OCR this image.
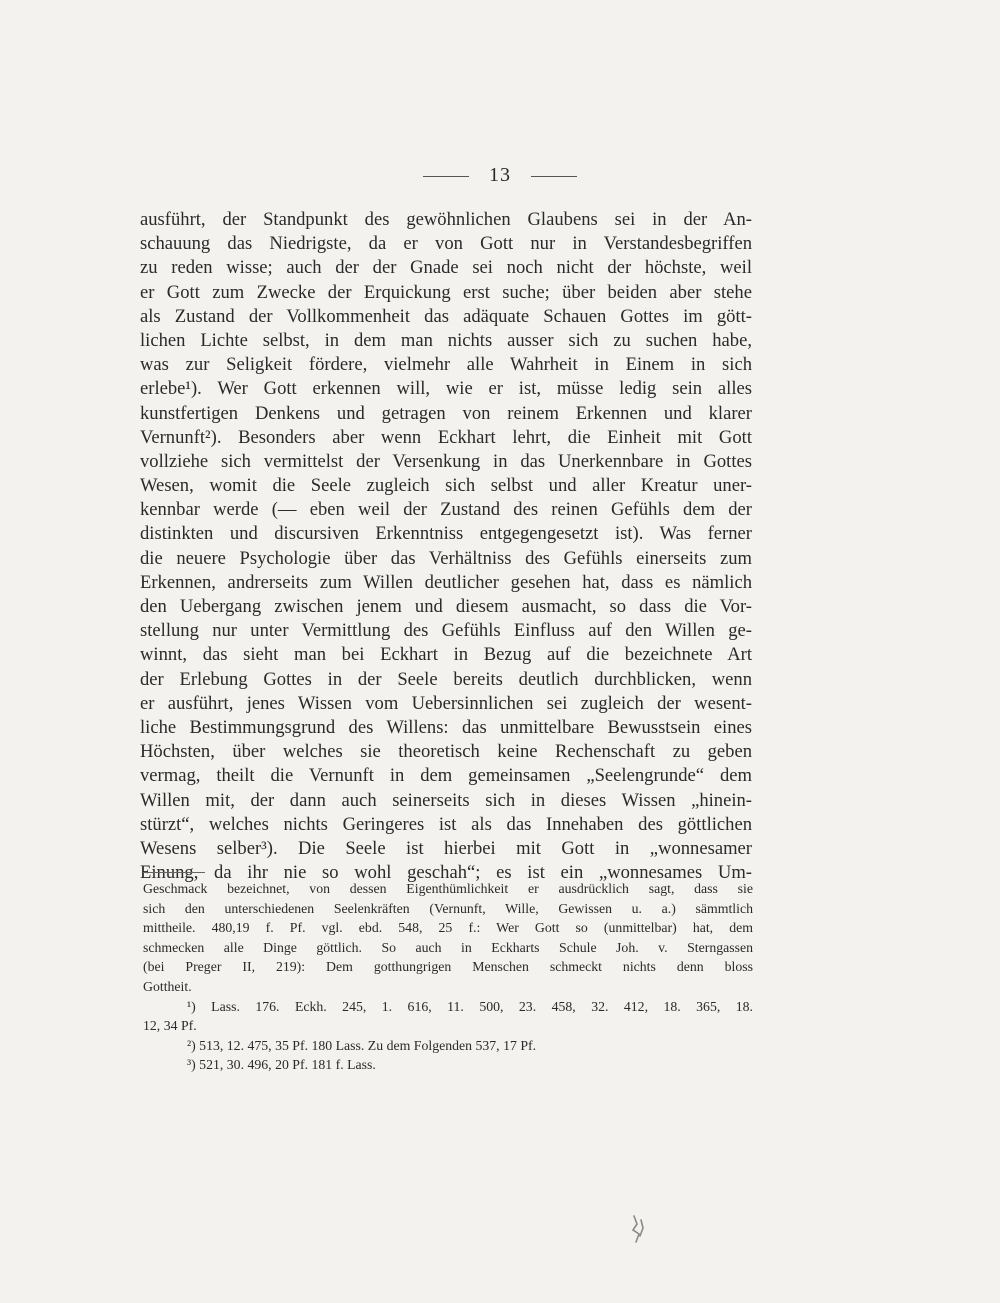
13
ausführt, der Standpunkt des gewöhnlichen Glaubens sei in der An-
schauung das Niedrigste, da er von Gott nur in Verstandesbegriffen
zu reden wisse; auch der der Gnade sei noch nicht der höchste, weil
er Gott zum Zwecke der Erquickung erst suche; über beiden aber stehe
als Zustand der Vollkommenheit das adäquate Schauen Gottes im gött-
lichen Lichte selbst, in dem man nichts ausser sich zu suchen habe,
was zur Seligkeit fördere, vielmehr alle Wahrheit in Einem in sich
erlebe¹). Wer Gott erkennen will, wie er ist, müsse ledig sein alles
kunstfertigen Denkens und getragen von reinem Erkennen und klarer
Vernunft²). Besonders aber wenn Eckhart lehrt, die Einheit mit Gott
vollziehe sich vermittelst der Versenkung in das Unerkennbare in Gottes
Wesen, womit die Seele zugleich sich selbst und aller Kreatur uner-
kennbar werde (— eben weil der Zustand des reinen Gefühls dem der
distinkten und discursiven Erkenntniss entgegengesetzt ist). Was ferner
die neuere Psychologie über das Verhältniss des Gefühls einerseits zum
Erkennen, andrerseits zum Willen deutlicher gesehen hat, dass es nämlich
den Uebergang zwischen jenem und diesem ausmacht, so dass die Vor-
stellung nur unter Vermittlung des Gefühls Einfluss auf den Willen ge-
winnt, das sieht man bei Eckhart in Bezug auf die bezeichnete Art
der Erlebung Gottes in der Seele bereits deutlich durchblicken, wenn
er ausführt, jenes Wissen vom Uebersinnlichen sei zugleich der wesent-
liche Bestimmungsgrund des Willens: das unmittelbare Bewusstsein eines
Höchsten, über welches sie theoretisch keine Rechenschaft zu geben
vermag, theilt die Vernunft in dem gemeinsamen „Seelengrunde“ dem
Willen mit, der dann auch seinerseits sich in dieses Wissen „hinein-
stürzt“, welches nichts Geringeres ist als das Innehaben des göttlichen
Wesens selber³). Die Seele ist hierbei mit Gott in „wonnesamer
Einung, da ihr nie so wohl geschah“; es ist ein „wonnesames Um-
Geschmack bezeichnet, von dessen Eigenthümlichkeit er ausdrücklich sagt, dass sie
sich den unterschiedenen Seelenkräften (Vernunft, Wille, Gewissen u. a.) sämmtlich
mittheile. 480,19 f. Pf. vgl. ebd. 548, 25 f.: Wer Gott so (unmittelbar) hat, dem
schmecken alle Dinge göttlich. So auch in Eckharts Schule Joh. v. Sterngassen
(bei Preger II, 219): Dem gotthungrigen Menschen schmeckt nichts denn bloss
Gottheit.
¹) Lass. 176. Eckh. 245, 1. 616, 11. 500, 23. 458, 32. 412, 18. 365, 18.
12, 34 Pf.
²) 513, 12. 475, 35 Pf. 180 Lass. Zu dem Folgenden 537, 17 Pf.
³) 521, 30. 496, 20 Pf. 181 f. Lass.
